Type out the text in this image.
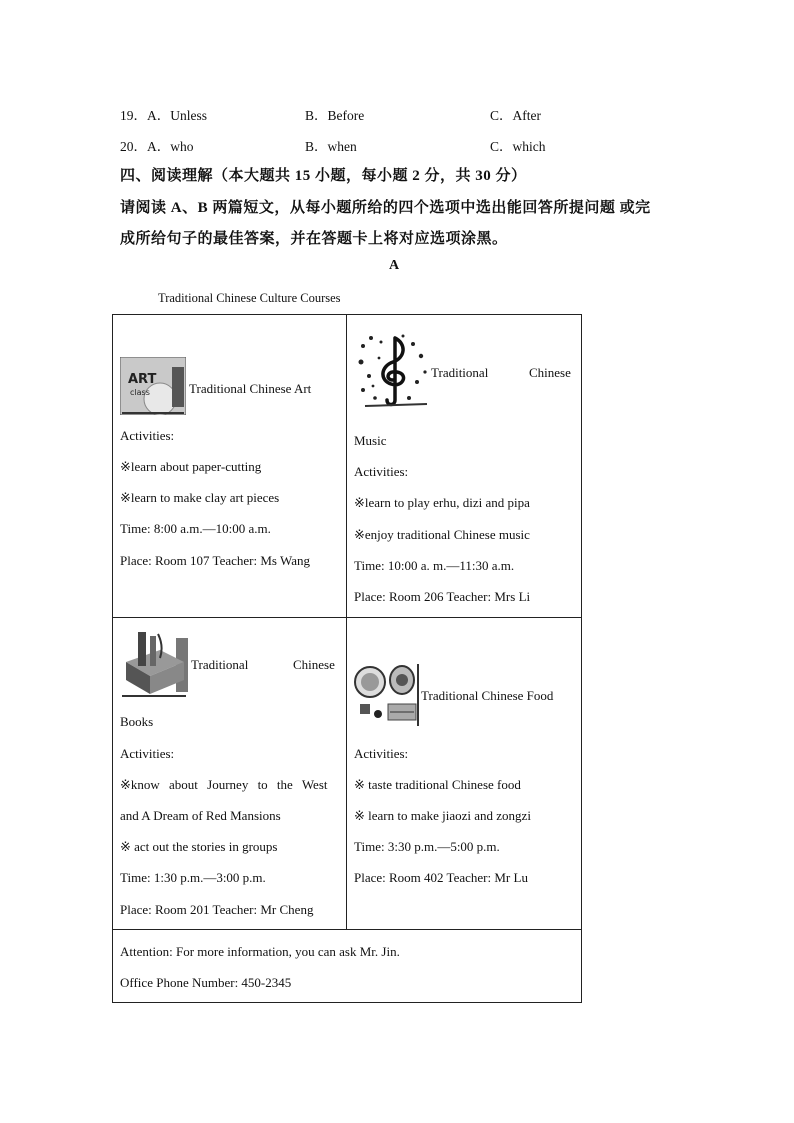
19．A．Unless	B．Before	C．After
20．A．who	B．when	C．which
四、阅读理解（本大题共 15 小题，每小题 2 分，共 30 分）
请阅读 A、B 两篇短文，从每小题所给的四个选项中选出能回答所提问题 或完
成所给句子的最佳答案，并在答题卡上将对应选项涂黑。
A
Traditional Chinese Culture Courses
ART
class	Traditional Chinese Art
Activities:
※learn about paper-cutting
※learn to make clay art pieces
Time: 8:00 a.m.—10:00 a.m.
Place: Room 107 Teacher: Ms Wang
Traditional	Chinese
Music
Activities:
※learn to play erhu, dizi and pipa
※enjoy traditional Chinese music
Time: 10:00 a. m.—11:30 a.m.
Place: Room 206 Teacher: Mrs Li
Traditional	Chinese
Books
Activities:
※know about Journey to the West
and A Dream of Red Mansions
※ act out the stories in groups
Time: 1:30 p.m.—3:00 p.m.
Place: Room 201 Teacher: Mr Cheng
Traditional Chinese Food
Activities:
※ taste traditional Chinese food
※ learn to make jiaozi and zongzi
Time: 3:30 p.m.—5:00 p.m.
Place: Room 402 Teacher: Mr Lu
Attention: For more information, you can ask Mr. Jin.
Office Phone Number: 450-2345
